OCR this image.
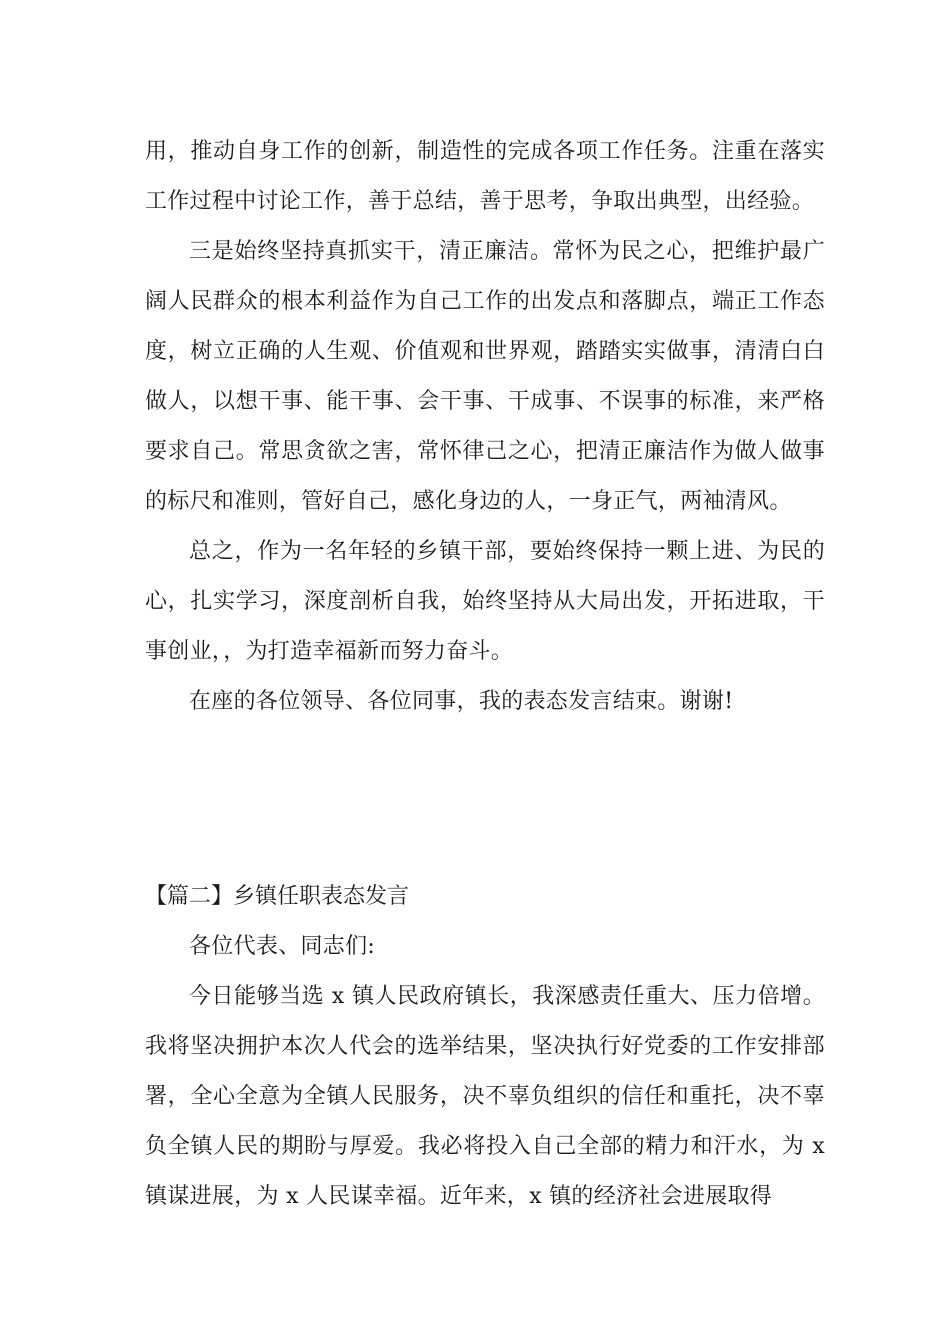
用，推动自身工作的创新，制造性的完成各项工作任务。注重在落实工作过程中讨论工作，善于总结，善于思考，争取出典型，出经验。

三是始终坚持真抓实干，清正廉洁。常怀为民之心，把维护最广阔人民群众的根本利益作为自己工作的出发点和落脚点，端正工作态度，树立正确的人生观、价值观和世界观，踏踏实实做事，清清白白做人，以想干事、能干事、会干事、干成事、不误事的标准，来严格要求自己。常思贪欲之害，常怀律己之心，把清正廉洁作为做人做事的标尺和准则，管好自己，感化身边的人，一身正气，两袖清风。

总之，作为一名年轻的乡镇干部，要始终保持一颗上进、为民的心，扎实学习，深度剖析自我，始终坚持从大局出发，开拓进取，干事创业，，为打造幸福新而努力奋斗。

在座的各位领导、各位同事，我的表态发言结束。谢谢!

【篇二】乡镇任职表态发言

各位代表、同志们:

今日能够当选 x 镇人民政府镇长，我深感责任重大、压力倍增。我将坚决拥护本次人代会的选举结果，坚决执行好党委的工作安排部署，全心全意为全镇人民服务，决不辜负组织的信任和重托，决不辜负全镇人民的期盼与厚爱。我必将投入自己全部的精力和汗水，为 x 镇谋进展，为 x 人民谋幸福。近年来，x 镇的经济社会进展取得
